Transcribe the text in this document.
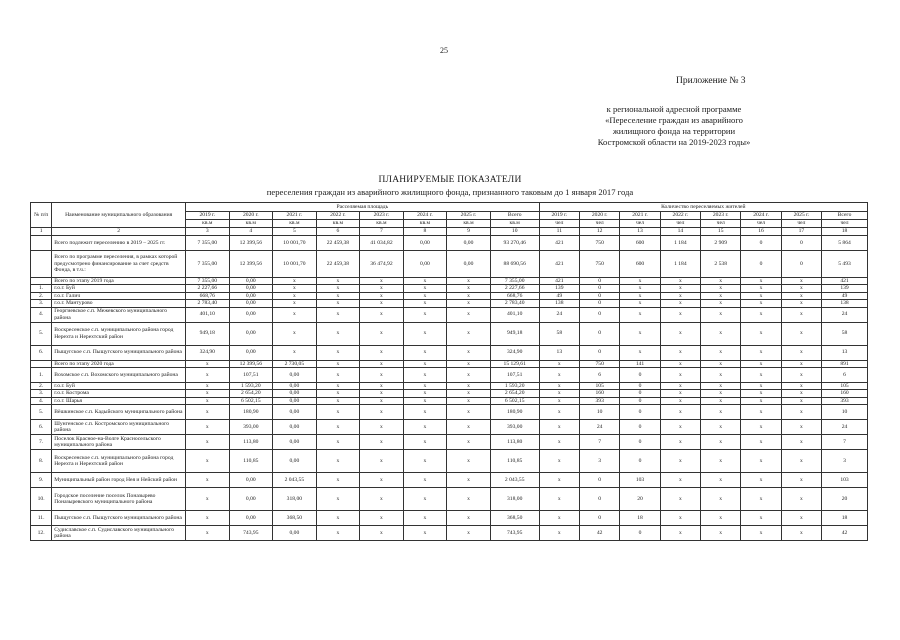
25
Приложение № 3
к региональной адресной программе
«Переселение граждан из аварийного
жилищного фонда на территории
Костромской области на 2019-2023 годы»
ПЛАНИРУЕМЫЕ ПОКАЗАТЕЛИ
переселения граждан из аварийного жилищного фонда, признанного таковым до 1 января 2017 года
№ п/п	Наименование муниципального образования	Расселяемая площадь								Количество переселяемых жителей							
		2019 г.	2020 г.	2021 г.	2022 г.	2023 г.	2024 г.	2025 г.	Всего	2019 г.	2020 г.	2021 г.	2022 г.	2023 г.	2024 г.	2025 г.	Всего
		кв.м	кв.м	кв.м	кв.м	кв.м	кв.м	кв.м	кв.м	чел	чел	чел	чел	чел	чел	чел	чел
1	2	3	4	5	6	7	8	9	10	11	12	13	14	15	16	17	18
	Всего подлежит переселению в 2019 – 2025 гг.	7 355,00	12 399,56	10 001,70	22 459,38	41 034,82	0,00	0,00	93 270,46	421	750	600	1 184	2 909	0	0	5 864
	Всего по программе переселения, в рамках которой предусмотрено финансирование за счет средств Фонда, в т.ч.:	7 355,00	12 399,56	10 001,70	22 459,38	36 474,92	0,00	0,00	88 690,56	421	750	600	1 184	2 538	0	0	5 493
	Всего по этапу 2019 года	7 355,00	0,00	x	x	x	x	x	7 355,00	421	0	x	x	x	x	x	421
1.	г.о.г. Буй	2 227,66	0,00	x	x	x	x	x	2 227,66	139	0	x	x	x	x	x	139
2.	г.о.г. Галич	668,76	0,00	x	x	x	x	x	668,76	49	0	x	x	x	x	x	49
3.	г.о.г. Мантурово	2 783,40	0,00	x	x	x	x	x	2 783,40	138	0	x	x	x	x	x	138
4.	Георгиевское с.п. Межевского муниципального района	401,10	0,00	x	x	x	x	x	401,10	24	0	x	x	x	x	x	24
5.	Воскресенское с.п. муниципального района город Нерехта и Нерехтский район	949,18	0,00	x	x	x	x	x	949,18	58	0	x	x	x	x	x	58
6.	Пыщугское с.п. Пыщугского муниципального района	324,90	0,00	x	x	x	x	x	324,90	13	0	x	x	x	x	x	13
	Всего по этапу 2020 года	x	12 399,56	2 730,05	x	x	x	x	15 129,61	x	750	141	x	x	x	x	891
1.	Вохомское с.п. Вохомского муниципального района	x	107,51	0,00	x	x	x	x	107,51	x	6	0	x	x	x	x	6
2.	г.о.г. Буй	x	1 593,20	0,00	x	x	x	x	1 593,20	x	105	0	x	x	x	x	105
3.	г.о.г. Кострома	x	2 654,20	0,00	x	x	x	x	2 654,20	x	160	0	x	x	x	x	160
4.	г.о.г. Шарья	x	6 502,15	0,00	x	x	x	x	6 502,15	x	393	0	x	x	x	x	393
5.	Вёшкинское с.п. Кадыйского муниципального района	x	180,90	0,00	x	x	x	x	180,90	x	10	0	x	x	x	x	10
6.	Шунгенское с.п. Костромского муниципального района	x	393,00	0,00	x	x	x	x	393,00	x	24	0	x	x	x	x	24
7.	Поселок Красное-на-Волге Красносельского муниципального района	x	113,80	0,00	x	x	x	x	113,80	x	7	0	x	x	x	x	7
8.	Воскресенское с.п. муниципального района город Нерехта и Нерехтский район	x	110,85	0,00	x	x	x	x	110,85	x	3	0	x	x	x	x	3
9.	Муниципальный район город Нея и Нейский район	x	0,00	2 043,55	x	x	x	x	2 043,55	x	0	103	x	x	x	x	103
10.	Городское поселение поселок Поназырево Поназыревского муниципального района	x	0,00	318,00	x	x	x	x	318,00	x	0	20	x	x	x	x	20
11.	Пыщугское с.п. Пыщугского муниципального района	x	0,00	368,50	x	x	x	x	368,50	x	0	18	x	x	x	x	18
12.	Судиславское с.п. Судиславского муниципального района	x	743,95	0,00	x	x	x	x	743,95	x	42	0	x	x	x	x	42
